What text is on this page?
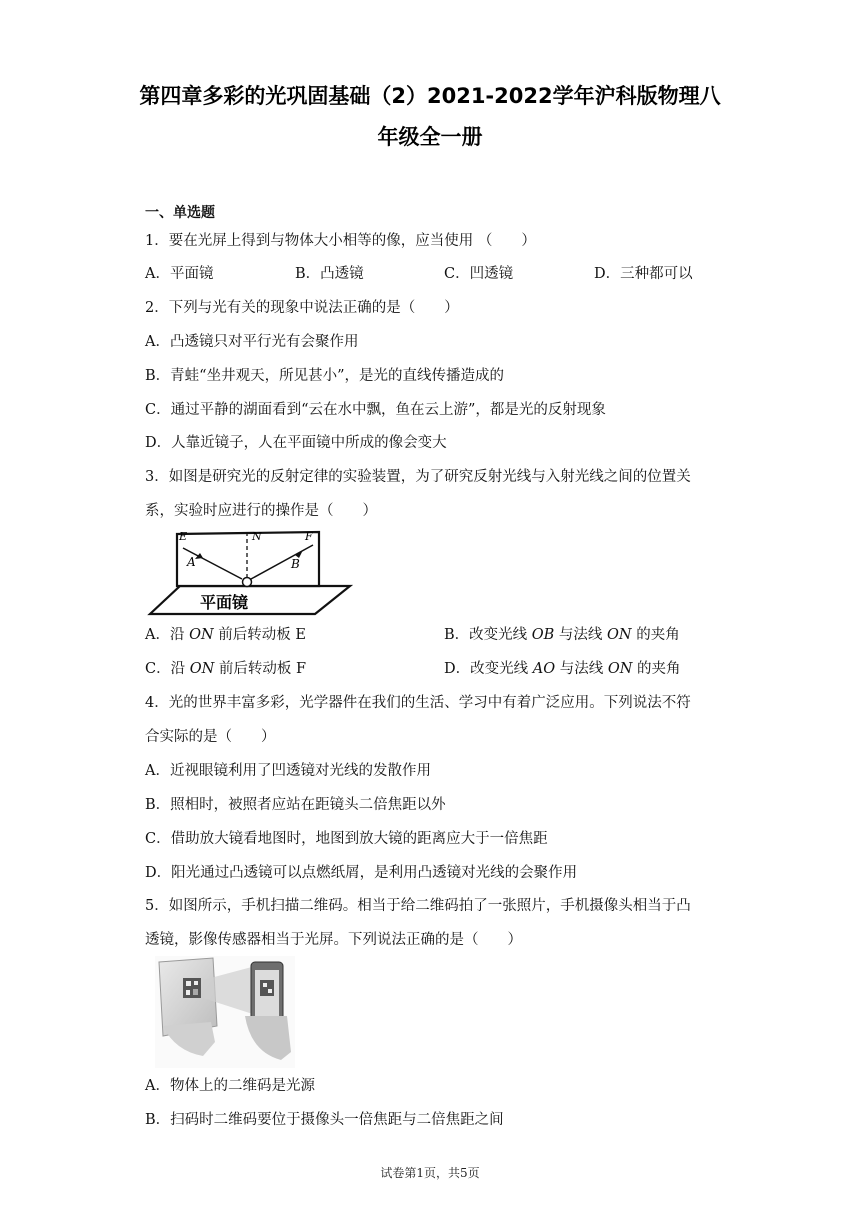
第四章多彩的光巩固基础（2）2021-2022学年沪科版物理八
年级全一册
一、单选题
1．要在光屏上得到与物体大小相等的像，应当使用 （　　）
A．平面镜	B．凸透镜	C．凹透镜	D．三种都可以
2．下列与光有关的现象中说法正确的是（　　）
A．凸透镜只对平行光有会聚作用
B．青蛙“坐井观天，所见甚小”，是光的直线传播造成的
C．通过平静的湖面看到“云在水中飘，鱼在云上游”，都是光的反射现象
D．人靠近镜子，人在平面镜中所成的像会变大
3．如图是研究光的反射定律的实验装置，为了研究反射光线与入射光线之间的位置关
系，实验时应进行的操作是（　　）
E	N	F
A	B
平面镜
A．沿 ON 前后转动板 E	B．改变光线 OB 与法线 ON 的夹角
C．沿 ON 前后转动板 F	D．改变光线 AO 与法线 ON 的夹角
4．光的世界丰富多彩，光学器件在我们的生活、学习中有着广泛应用。下列说法不符
合实际的是（　　）
A．近视眼镜利用了凹透镜对光线的发散作用
B．照相时，被照者应站在距镜头二倍焦距以外
C．借助放大镜看地图时，地图到放大镜的距离应大于一倍焦距
D．阳光通过凸透镜可以点燃纸屑，是利用凸透镜对光线的会聚作用
5．如图所示，手机扫描二维码。相当于给二维码拍了一张照片，手机摄像头相当于凸
透镜，影像传感器相当于光屏。下列说法正确的是（　　）
A．物体上的二维码是光源
B．扫码时二维码要位于摄像头一倍焦距与二倍焦距之间
试卷第1页，共5页
